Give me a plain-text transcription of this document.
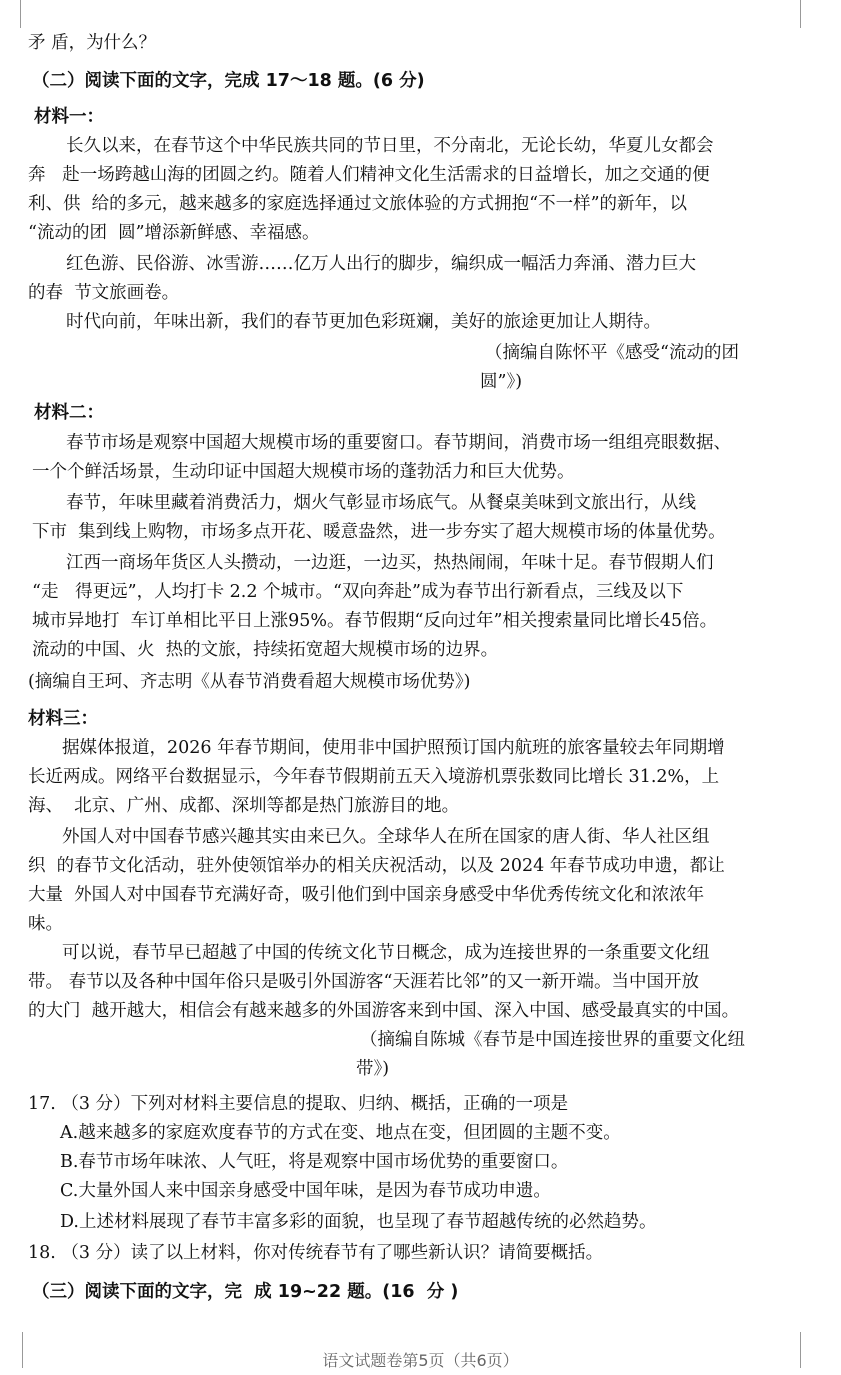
矛 盾，为什么？
（二）阅读下面的文字，完成 17～18 题。(6 分)
材料一：
长久以来，在春节这个中华民族共同的节日里，不分南北，无论长幼，华夏儿女都会
奔   赴一场跨越山海的团圆之约。随着人们精神文化生活需求的日益增长，加之交通的便
利、供  给的多元，越来越多的家庭选择通过文旅体验的方式拥抱“不一样”的新年，以
“流动的团  圆”增添新鲜感、幸福感。
红色游、民俗游、冰雪游……亿万人出行的脚步，编织成一幅活力奔涌、潜力巨大
的春  节文旅画卷。
时代向前，年味出新，我们的春节更加色彩斑斓，美好的旅途更加让人期待。
（摘编自陈怀平《感受“流动的团
圆”》)
材料二：
春节市场是观察中国超大规模市场的重要窗口。春节期间，消费市场一组组亮眼数据、
一个个鲜活场景，生动印证中国超大规模市场的蓬勃活力和巨大优势。
春节，年味里藏着消费活力，烟火气彰显市场底气。从餐桌美味到文旅出行，从线
下市  集到线上购物，市场多点开花、暖意盎然，进一步夯实了超大规模市场的体量优势。
江西一商场年货区人头攒动，一边逛，一边买，热热闹闹，年味十足。春节假期人们
“走   得更远”，人均打卡 2.2 个城市。“双向奔赴”成为春节出行新看点，三线及以下
城市异地打  车订单相比平日上涨95%。春节假期“反向过年”相关搜索量同比增长45倍。
流动的中国、火  热的文旅，持续拓宽超大规模市场的边界。
(摘编自王珂、齐志明《从春节消费看超大规模市场优势》)
材料三：
据媒体报道，2026 年春节期间，使用非中国护照预订国内航班的旅客量较去年同期增
长近两成。网络平台数据显示，今年春节假期前五天入境游机票张数同比增长 31.2%，上
海、  北京、广州、成都、深圳等都是热门旅游目的地。
外国人对中国春节感兴趣其实由来已久。全球华人在所在国家的唐人街、华人社区组
织  的春节文化活动，驻外使领馆举办的相关庆祝活动，以及 2024 年春节成功申遗，都让
大量  外国人对中国春节充满好奇，吸引他们到中国亲身感受中华优秀传统文化和浓浓年
味。
可以说，春节早已超越了中国的传统文化节日概念，成为连接世界的一条重要文化纽
带。 春节以及各种中国年俗只是吸引外国游客“天涯若比邻”的又一新开端。当中国开放
的大门  越开越大，相信会有越来越多的外国游客来到中国、深入中国、感受最真实的中国。
（摘编自陈城《春节是中国连接世界的重要文化纽
带》)
17. （3 分）下列对材料主要信息的提取、归纳、概括，正确的一项是
A.越来越多的家庭欢度春节的方式在变、地点在变，但团圆的主题不变。
B.春节市场年味浓、人气旺，将是观察中国市场优势的重要窗口。
C.大量外国人来中国亲身感受中国年味，是因为春节成功申遗。
D.上述材料展现了春节丰富多彩的面貌，也呈现了春节超越传统的必然趋势。
18. （3 分）读了以上材料，你对传统春节有了哪些新认识？请简要概括。
（三）阅读下面的文字，完  成 19~22 题。(16  分 )
语文试题卷第5页（共6页）
